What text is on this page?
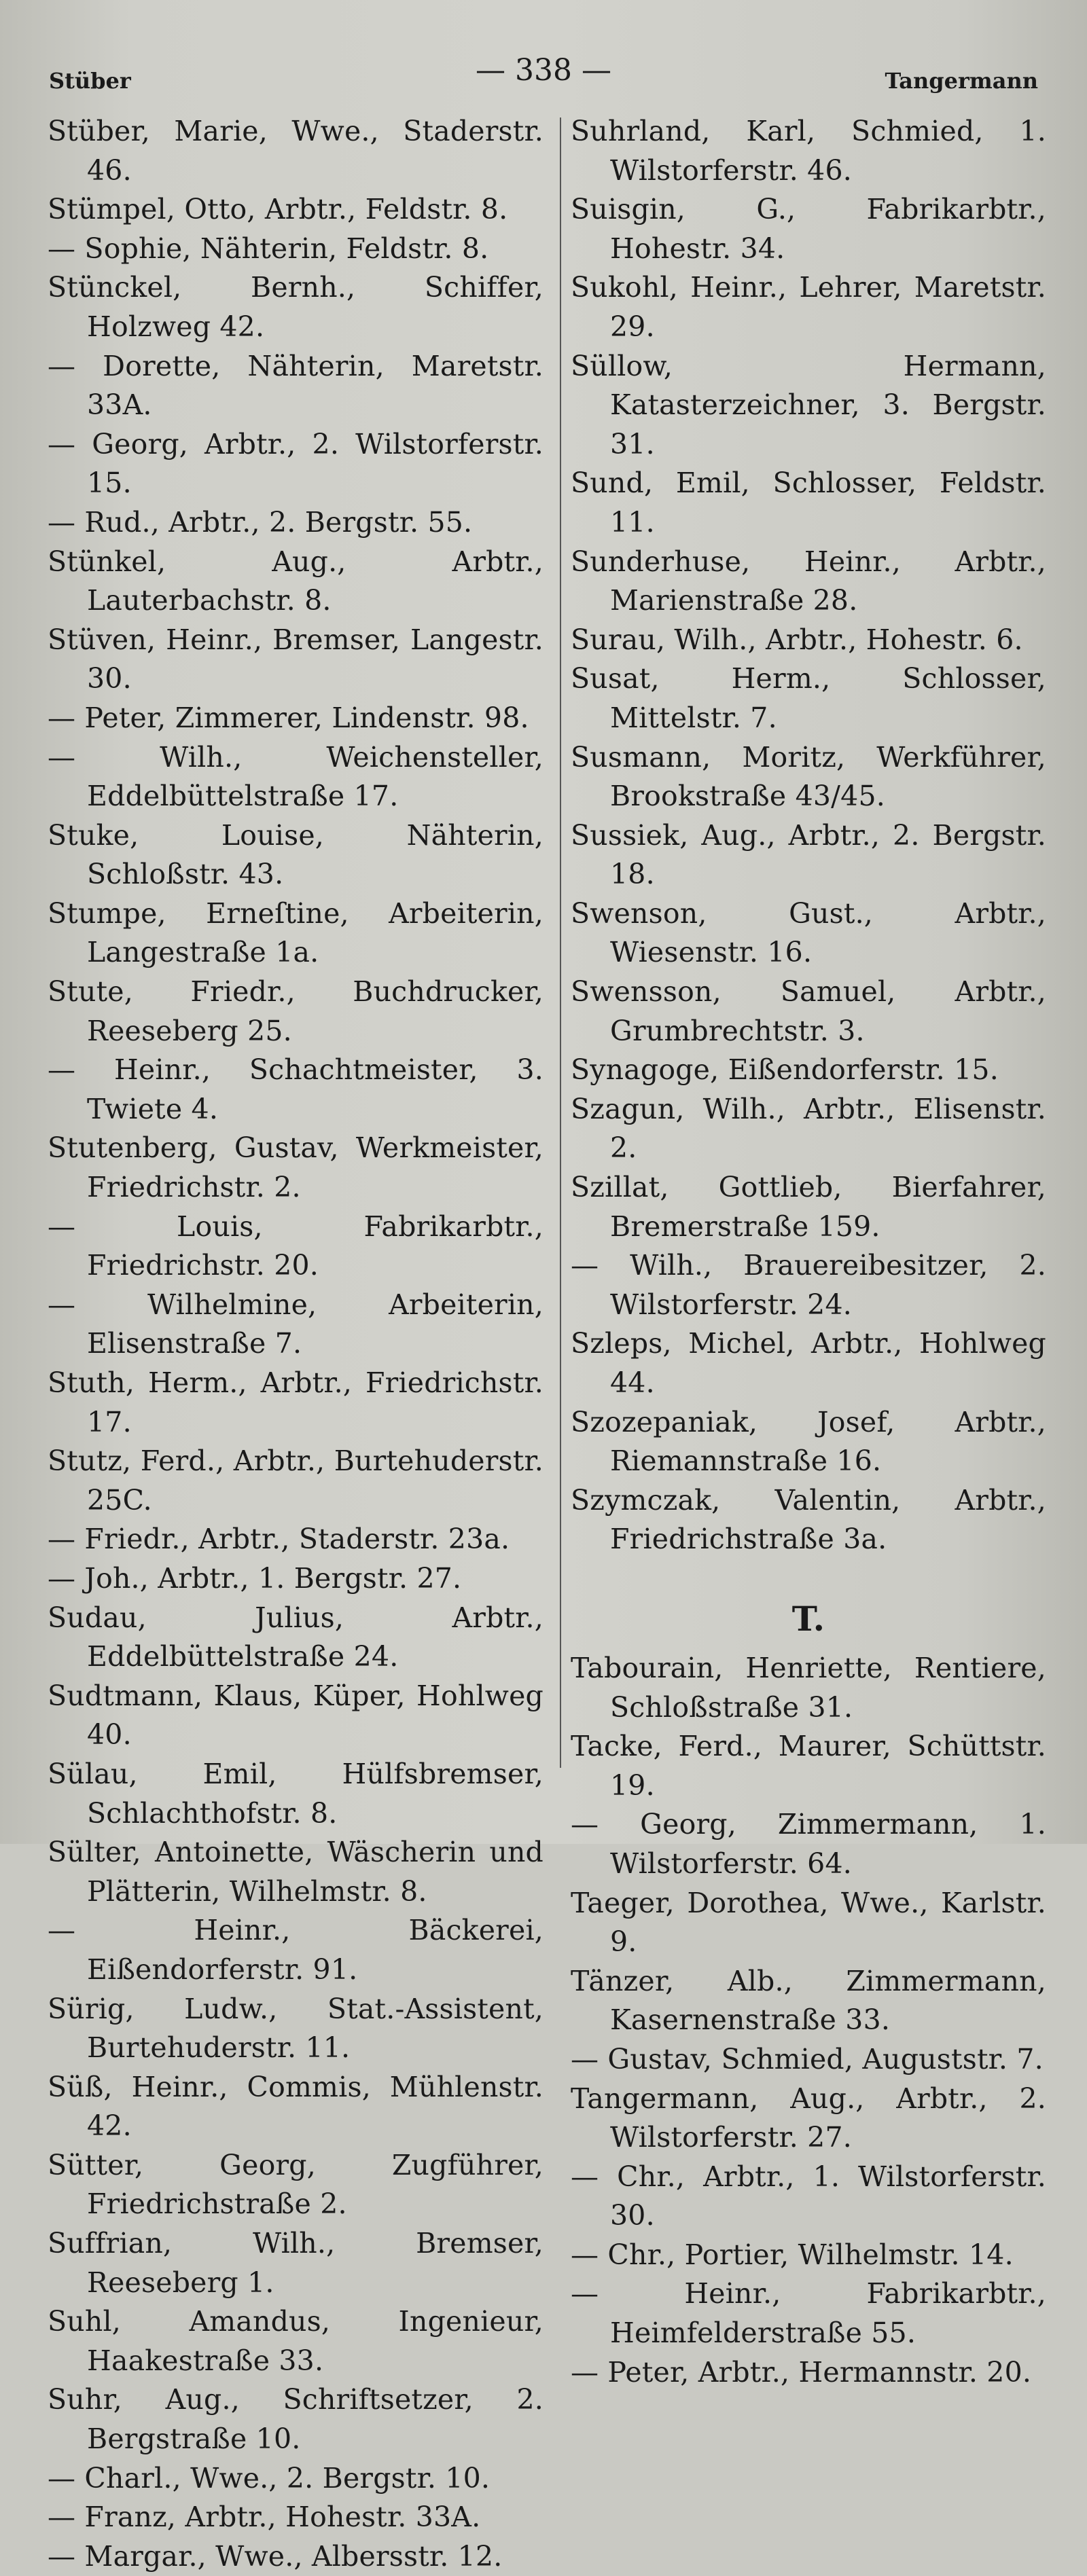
Stüber	— 338 —	Tangermann

Stüber, Marie, Wwe., Staderstr. 46.

Stümpel, Otto, Arbtr., Feldstr. 8.

— Sophie, Nähterin, Feldstr. 8.

Stünckel, Bernh., Schiffer, Holzweg 42.

— Dorette, Nähterin, Maretstr. 33A.

— Georg, Arbtr., 2. Wilstorferstr. 15.

— Rud., Arbtr., 2. Bergstr. 55.

Stünkel, Aug., Arbtr., Lauterbachstr. 8.

Stüven, Heinr., Bremser, Langestr. 30.

— Peter, Zimmerer, Lindenstr. 98.

— Wilh., Weichensteller, Eddelbüttelstraße 17.

Stuke, Louise, Nähterin, Schloßstr. 43.

Stumpe, Erneſtine, Arbeiterin, Langestraße 1a.

Stute, Friedr., Buchdrucker, Reeseberg 25.

— Heinr., Schachtmeister, 3. Twiete 4.

Stutenberg, Gustav, Werkmeister, Friedrichstr. 2.

— Louis, Fabrikarbtr., Friedrichstr. 20.

— Wilhelmine, Arbeiterin, Elisenstraße 7.

Stuth, Herm., Arbtr., Friedrichstr. 17.

Stutz, Ferd., Arbtr., Burtehuderstr. 25C.

— Friedr., Arbtr., Staderstr. 23a.

— Joh., Arbtr., 1. Bergstr. 27.

Sudau, Julius, Arbtr., Eddelbüttelstraße 24.

Sudtmann, Klaus, Küper, Hohlweg 40.

Sülau, Emil, Hülfsbremser, Schlachthofstr. 8.

Sülter, Antoinette, Wäscherin und Plätterin, Wilhelmstr. 8.

— Heinr., Bäckerei, Eißendorferstr. 91.

Sürig, Ludw., Stat.-Assistent, Burtehuderstr. 11.

Süß, Heinr., Commis, Mühlenstr. 42.

Sütter, Georg, Zugführer, Friedrichstraße 2.

Suffrian, Wilh., Bremser, Reeseberg 1.

Suhl, Amandus, Ingenieur, Haakestraße 33.

Suhr, Aug., Schriftsetzer, 2. Bergstraße 10.

— Charl., Wwe., 2. Bergstr. 10.

— Franz, Arbtr., Hohestr. 33A.

— Margar., Wwe., Albersstr. 12.

Suhrland, Karl, Schmied, 1. Wilstorferstr. 46.

Suisgin, G., Fabrikarbtr., Hohestr. 34.

Sukohl, Heinr., Lehrer, Maretstr. 29.

Süllow, Hermann, Katasterzeichner, 3. Bergstr. 31.

Sund, Emil, Schlosser, Feldstr. 11.

Sunderhuse, Heinr., Arbtr., Marienstraße 28.

Surau, Wilh., Arbtr., Hohestr. 6.

Susat, Herm., Schlosser, Mittelstr. 7.

Susmann, Moritz, Werkführer, Brookstraße 43/45.

Sussiek, Aug., Arbtr., 2. Bergstr. 18.

Swenson, Gust., Arbtr., Wiesenstr. 16.

Swensson, Samuel, Arbtr., Grumbrechtstr. 3.

Synagoge, Eißendorferstr. 15.

Szagun, Wilh., Arbtr., Elisenstr. 2.

Szillat, Gottlieb, Bierfahrer, Bremerstraße 159.

— Wilh., Brauereibesitzer, 2. Wilstorferstr. 24.

Szleps, Michel, Arbtr., Hohlweg 44.

Szozepaniak, Josef, Arbtr., Riemannstraße 16.

Szymczak, Valentin, Arbtr., Friedrichstraße 3a.

T.

Tabourain, Henriette, Rentiere, Schloßstraße 31.

Tacke, Ferd., Maurer, Schüttstr. 19.

— Georg, Zimmermann, 1. Wilstorferstr. 64.

Taeger, Dorothea, Wwe., Karlstr. 9.

Tänzer, Alb., Zimmermann, Kasernenstraße 33.

— Gustav, Schmied, Auguststr. 7.

Tangermann, Aug., Arbtr., 2. Wilstorferstr. 27.

— Chr., Arbtr., 1. Wilstorferstr. 30.

— Chr., Portier, Wilhelmstr. 14.

— Heinr., Fabrikarbtr., Heimfelderstraße 55.

— Peter, Arbtr., Hermannstr. 20.
